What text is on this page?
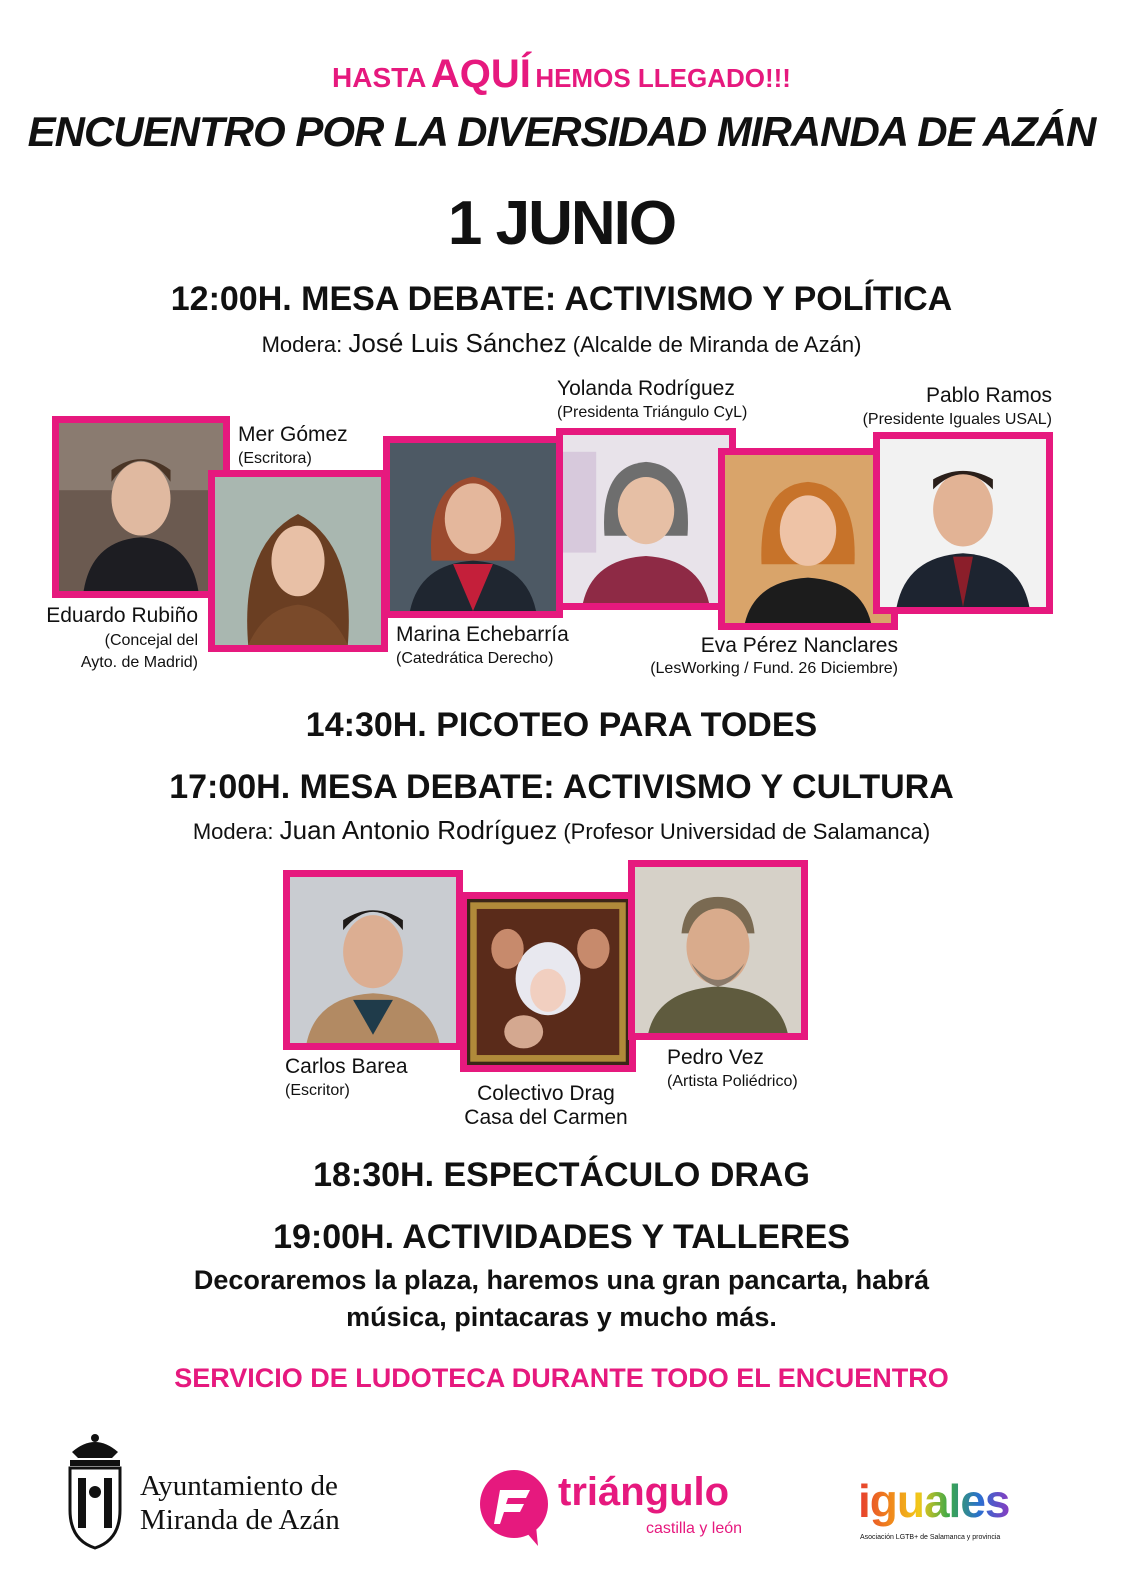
HASTA AQUÍ HEMOS LLEGADO!!!
ENCUENTRO POR LA DIVERSIDAD MIRANDA DE AZÁN
1 JUNIO
12:00H. MESA DEBATE: ACTIVISMO Y POLÍTICA
Modera: José Luis Sánchez (Alcalde de Miranda de Azán)
Eduardo Rubiño
(Concejal del
Ayto. de Madrid)
Mer Gómez
(Escritora)
Marina Echebarría
(Catedrática Derecho)
Yolanda Rodríguez
(Presidenta Triángulo CyL)
Eva Pérez Nanclares
(LesWorking / Fund. 26 Diciembre)
Pablo Ramos
(Presidente Iguales USAL)
14:30H. PICOTEO PARA TODES
17:00H. MESA DEBATE: ACTIVISMO Y CULTURA
Modera: Juan Antonio Rodríguez (Profesor Universidad de Salamanca)
Carlos Barea
(Escritor)	Colectivo Drag
Casa del Carmen
Pedro Vez
(Artista Poliédrico)
18:30H. ESPECTÁCULO DRAG
19:00H. ACTIVIDADES Y TALLERES
Decoraremos la plaza, haremos una gran pancarta, habrá
música, pintacaras y mucho más.
SERVICIO DE LUDOTECA DURANTE TODO EL ENCUENTRO
Ayuntamiento de
Miranda de Azán
triángulo
castilla y león
iguales
Asociación LGTB+ de Salamanca y provincia
